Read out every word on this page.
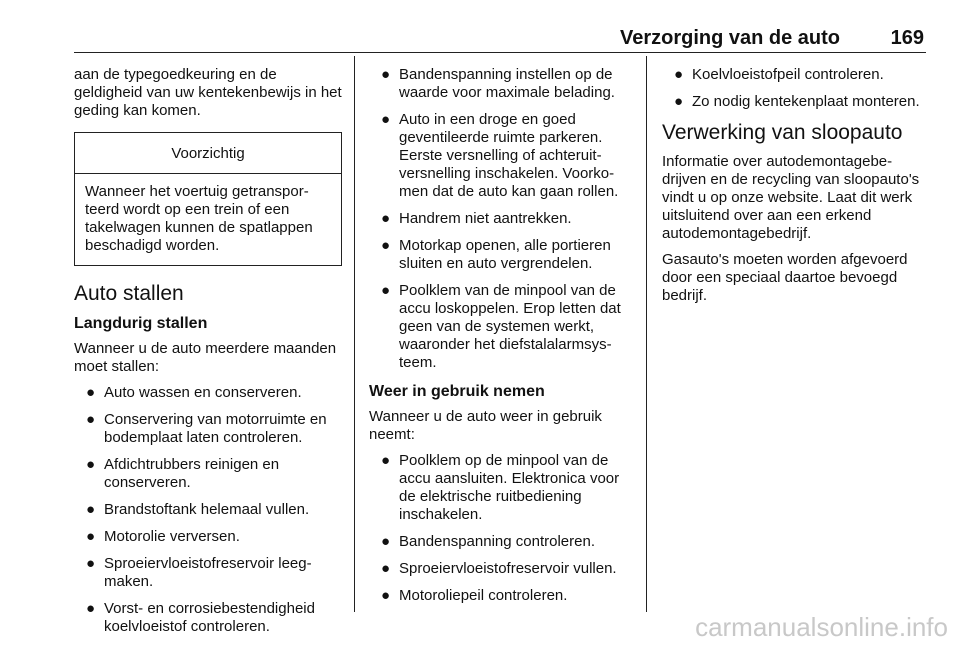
Verzorging van de auto	169

aan de typegoedkeuring en de geldigheid van uw kentekenbewijs in het geding kan komen.

Voorzichtig
Wanneer het voertuig getransporteerd wordt op een trein of een takelwagen kunnen de spatlappen beschadigd worden.
Auto stallen
Langdurig stallen

Wanneer u de auto meerdere maanden moet stallen:

● Auto wassen en conserveren.
● Conservering van motorruimte en bodemplaat laten controleren.
● Afdichtrubbers reinigen en conserveren.
● Brandstoftank helemaal vullen.
● Motorolie verversen.
● Sproeiervloeistofreservoir leegmaken.
● Vorst- en corrosiebestendigheid koelvloeistof controleren.
● Bandenspanning instellen op de waarde voor maximale belading.
● Auto in een droge en goed geventileerde ruimte parkeren. Eerste versnelling of achteruitversnelling inschakelen. Voorkomen dat de auto kan gaan rollen.
● Handrem niet aantrekken.
● Motorkap openen, alle portieren sluiten en auto vergrendelen.
● Poolklem van de minpool van de accu loskoppelen. Erop letten dat geen van de systemen werkt, waaronder het diefstalalarmsysteem.
Weer in gebruik nemen

Wanneer u de auto weer in gebruik neemt:

● Poolklem op de minpool van de accu aansluiten. Elektronica voor de elektrische ruitbediening inschakelen.
● Bandenspanning controleren.
● Sproeiervloeistofreservoir vullen.
● Motoroliepeil controleren.
● Koelvloeistofpeil controleren.
● Zo nodig kentekenplaat monteren.
Verwerking van sloopauto

Informatie over autodemontagebedrijven en de recycling van sloopauto's vindt u op onze website. Laat dit werk uitsluitend over aan een erkend autodemontagebedrijf.

Gasauto's moeten worden afgevoerd door een speciaal daartoe bevoegd bedrijf.

carmanualsonline.info
